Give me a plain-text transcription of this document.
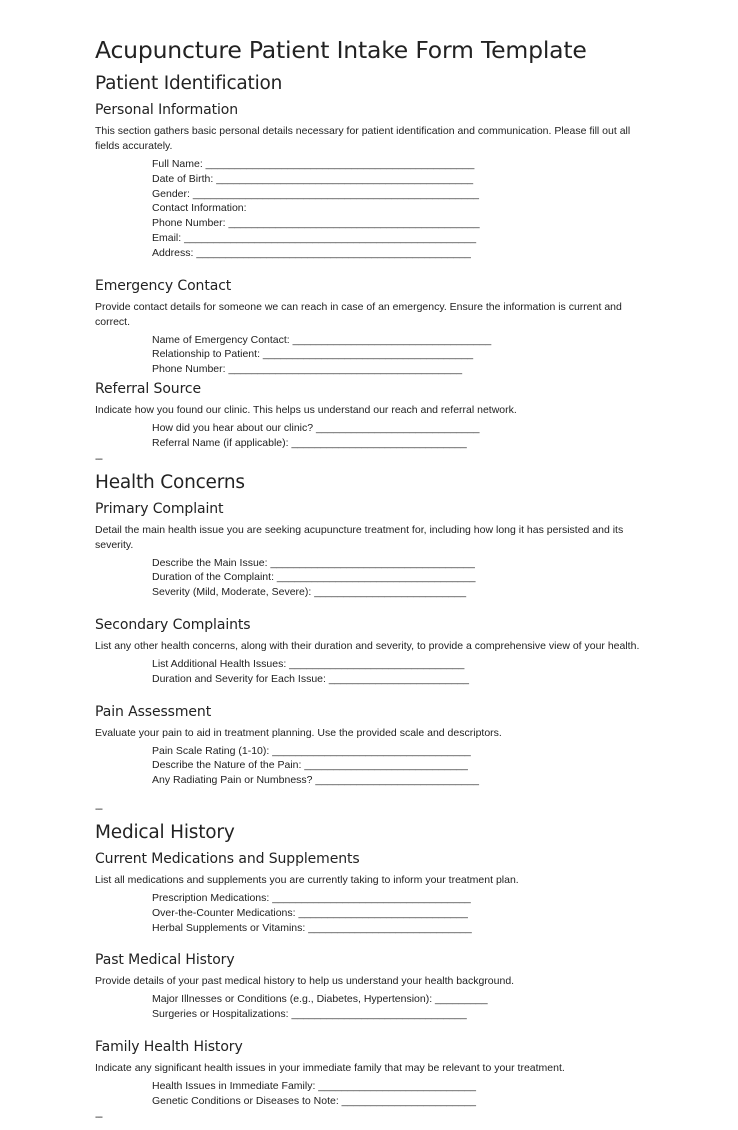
Acupuncture Patient Intake Form Template
Patient Identification
Personal Information

This section gathers basic personal details necessary for patient identification and communication. Please fill out all fields accurately.

Full Name: ______________________________________________
Date of Birth: ____________________________________________
Gender: _________________________________________________
Contact Information:
Phone Number: ___________________________________________
Email: __________________________________________________
Address: _______________________________________________
Emergency Contact

Provide contact details for someone we can reach in case of an emergency. Ensure the information is current and correct.

Name of Emergency Contact: __________________________________
Relationship to Patient: ____________________________________
Phone Number: ________________________________________
Referral Source

Indicate how you found our clinic. This helps us understand our reach and referral network.

How did you hear about our clinic? ____________________________
Referral Name (if applicable): ______________________________
---
Health Concerns
Primary Complaint

Detail the main health issue you are seeking acupuncture treatment for, including how long it has persisted and its severity.

Describe the Main Issue: ___________________________________
Duration of the Complaint: __________________________________
Severity (Mild, Moderate, Severe): __________________________
Secondary Complaints

List any other health concerns, along with their duration and severity, to provide a comprehensive view of your health.

List Additional Health Issues: ______________________________
Duration and Severity for Each Issue: ________________________
Pain Assessment

Evaluate your pain to aid in treatment planning. Use the provided scale and descriptors.

Pain Scale Rating (1-10): __________________________________
Describe the Nature of the Pain: ____________________________
Any Radiating Pain or Numbness? ____________________________
---
Medical History
Current Medications and Supplements

List all medications and supplements you are currently taking to inform your treatment plan.

Prescription Medications: __________________________________
Over-the-Counter Medications: _____________________________
Herbal Supplements or Vitamins: ____________________________
Past Medical History

Provide details of your past medical history to help us understand your health background.

Major Illnesses or Conditions (e.g., Diabetes, Hypertension): _________
Surgeries or Hospitalizations: ______________________________
Family Health History

Indicate any significant health issues in your immediate family that may be relevant to your treatment.

Health Issues in Immediate Family: ___________________________
Genetic Conditions or Diseases to Note: _______________________
---
